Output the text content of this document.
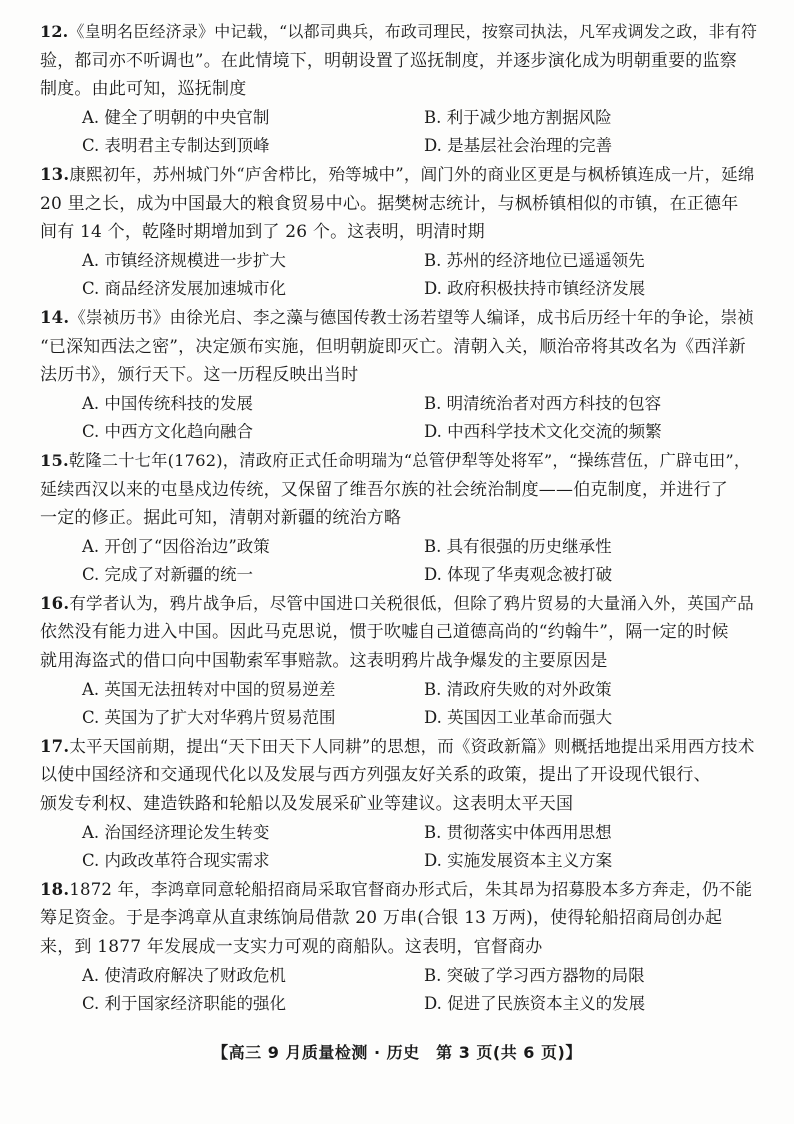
12.《皇明名臣经济录》中记载，“以都司典兵，布政司理民，按察司执法，凡军戎调发之政，非有符
验，都司亦不听调也”。在此情境下，明朝设置了巡抚制度，并逐步演化成为明朝重要的监察
制度。由此可知，巡抚制度
A. 健全了明朝的中央官制	B. 利于减少地方割据风险
C. 表明君主专制达到顶峰	D. 是基层社会治理的完善
13.康熙初年，苏州城门外“庐舍栉比，殆等城中”，阊门外的商业区更是与枫桥镇连成一片，延绵
20 里之长，成为中国最大的粮食贸易中心。据樊树志统计，与枫桥镇相似的市镇，在正德年
间有 14 个，乾隆时期增加到了 26 个。这表明，明清时期
A. 市镇经济规模进一步扩大	B. 苏州的经济地位已遥遥领先
C. 商品经济发展加速城市化	D. 政府积极扶持市镇经济发展
14.《崇祯历书》由徐光启、李之藻与德国传教士汤若望等人编译，成书后历经十年的争论，崇祯
“已深知西法之密”，决定颁布实施，但明朝旋即灭亡。清朝入关，顺治帝将其改名为《西洋新
法历书》，颁行天下。这一历程反映出当时
A. 中国传统科技的发展	B. 明清统治者对西方科技的包容
C. 中西方文化趋向融合	D. 中西科学技术文化交流的频繁
15.乾隆二十七年(1762)，清政府正式任命明瑞为“总管伊犁等处将军”，“操练营伍，广辟屯田”，
延续西汉以来的屯垦戍边传统，又保留了维吾尔族的社会统治制度——伯克制度，并进行了
一定的修正。据此可知，清朝对新疆的统治方略
A. 开创了“因俗治边”政策	B. 具有很强的历史继承性
C. 完成了对新疆的统一	D. 体现了华夷观念被打破
16.有学者认为，鸦片战争后，尽管中国进口关税很低，但除了鸦片贸易的大量涌入外，英国产品
依然没有能力进入中国。因此马克思说，惯于吹嘘自己道德高尚的“约翰牛”，隔一定的时候
就用海盗式的借口向中国勒索军事赔款。这表明鸦片战争爆发的主要原因是
A. 英国无法扭转对中国的贸易逆差	B. 清政府失败的对外政策
C. 英国为了扩大对华鸦片贸易范围	D. 英国因工业革命而强大
17.太平天国前期，提出“天下田天下人同耕”的思想，而《资政新篇》则概括地提出采用西方技术
以使中国经济和交通现代化以及发展与西方列强友好关系的政策，提出了开设现代银行、
颁发专利权、建造铁路和轮船以及发展采矿业等建议。这表明太平天国
A. 治国经济理论发生转变	B. 贯彻落实中体西用思想
C. 内政改革符合现实需求	D. 实施发展资本主义方案
18.1872 年，李鸿章同意轮船招商局采取官督商办形式后，朱其昂为招募股本多方奔走，仍不能
筹足资金。于是李鸿章从直隶练饷局借款 20 万串(合银 13 万两)，使得轮船招商局创办起
来，到 1877 年发展成一支实力可观的商船队。这表明，官督商办
A. 使清政府解决了财政危机	B. 突破了学习西方器物的局限
C. 利于国家经济职能的强化	D. 促进了民族资本主义的发展
【高三 9 月质量检测 · 历史　第 3 页(共 6 页)】
